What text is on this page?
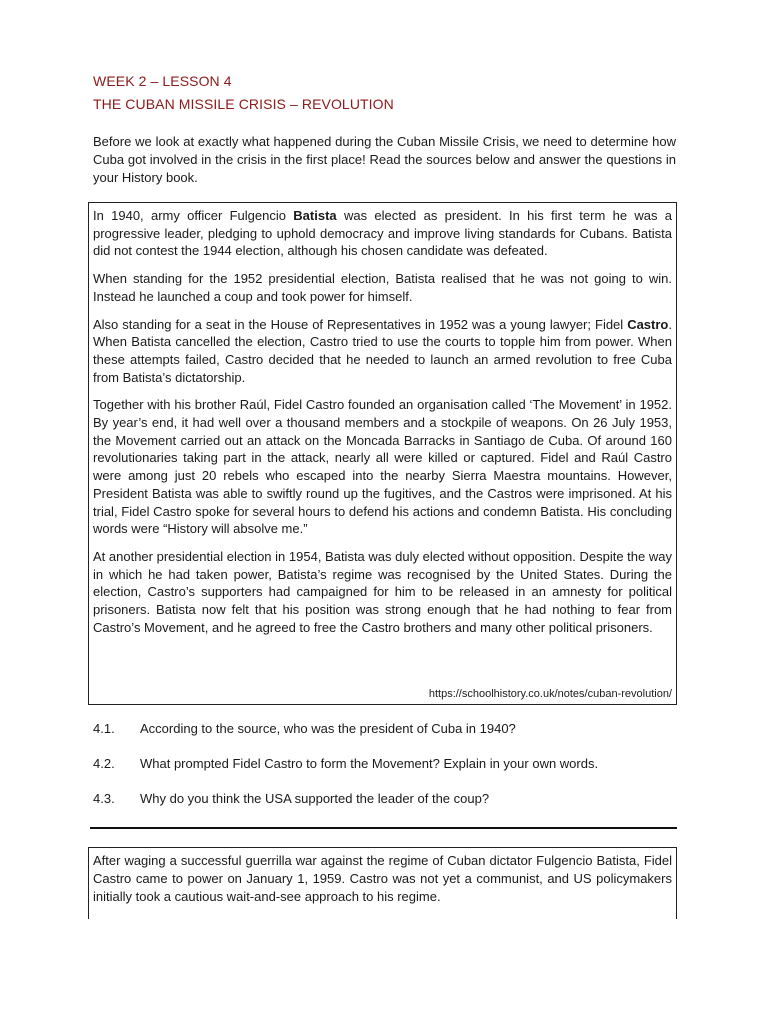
WEEK 2 – LESSON 4
THE CUBAN MISSILE CRISIS – REVOLUTION

Before we look at exactly what happened during the Cuban Missile Crisis, we need to determine how Cuba got involved in the crisis in the first place! Read the sources below and answer the questions in your History book.

In 1940, army officer Fulgencio Batista was elected as president. In his first term he was a progressive leader, pledging to uphold democracy and improve living standards for Cubans. Batista did not contest the 1944 election, although his chosen candidate was defeated.

When standing for the 1952 presidential election, Batista realised that he was not going to win. Instead he launched a coup and took power for himself.

Also standing for a seat in the House of Representatives in 1952 was a young lawyer; Fidel Castro. When Batista cancelled the election, Castro tried to use the courts to topple him from power. When these attempts failed, Castro decided that he needed to launch an armed revolution to free Cuba from Batista’s dictatorship.

Together with his brother Raúl, Fidel Castro founded an organisation called ‘The Movement’ in 1952. By year’s end, it had well over a thousand members and a stockpile of weapons. On 26 July 1953, the Movement carried out an attack on the Moncada Barracks in Santiago de Cuba. Of around 160 revolutionaries taking part in the attack, nearly all were killed or captured. Fidel and Raúl Castro were among just 20 rebels who escaped into the nearby Sierra Maestra mountains. However, President Batista was able to swiftly round up the fugitives, and the Castros were imprisoned. At his trial, Fidel Castro spoke for several hours to defend his actions and condemn Batista. His concluding words were “History will absolve me.”

At another presidential election in 1954, Batista was duly elected without opposition. Despite the way in which he had taken power, Batista’s regime was recognised by the United States. During the election, Castro’s supporters had campaigned for him to be released in an amnesty for political prisoners. Batista now felt that his position was strong enough that he had nothing to fear from Castro’s Movement, and he agreed to free the Castro brothers and many other political prisoners.

https://schoolhistory.co.uk/notes/cuban-revolution/
4.1.	According to the source, who was the president of Cuba in 1940?
4.2.	What prompted Fidel Castro to form the Movement? Explain in your own words.
4.3.	Why do you think the USA supported the leader of the coup?

After waging a successful guerrilla war against the regime of Cuban dictator Fulgencio Batista, Fidel Castro came to power on January 1, 1959. Castro was not yet a communist, and US policymakers initially took a cautious wait-and-see approach to his regime.
